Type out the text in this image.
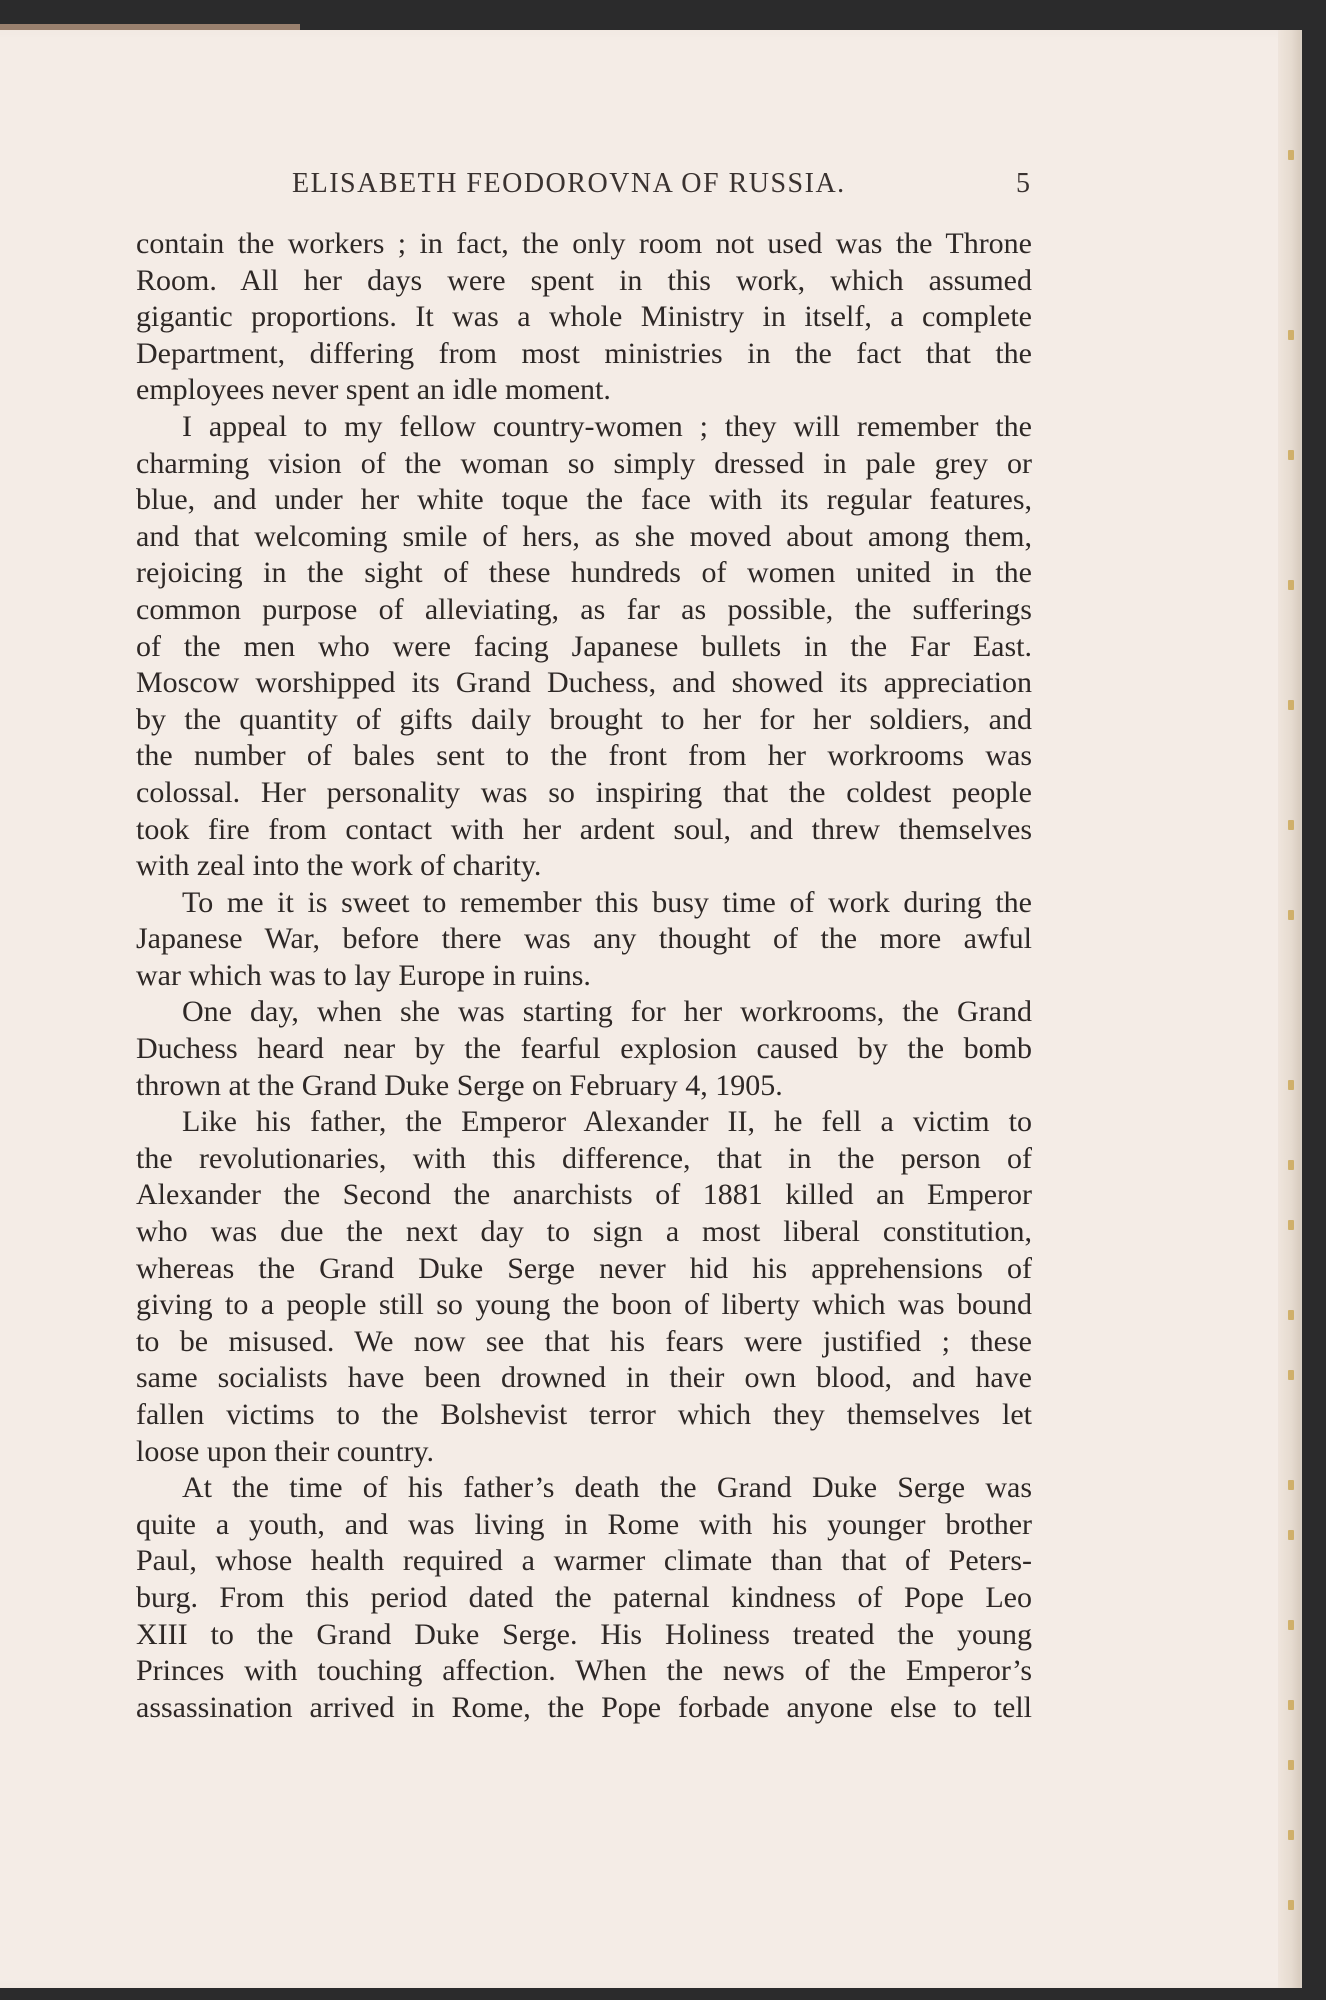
ELISABETH FEODOROVNA OF RUSSIA.	5
contain the workers ; in fact, the only room not used was the Throne
Room. All her days were spent in this work, which assumed
gigantic proportions. It was a whole Ministry in itself, a complete
Department, differing from most ministries in the fact that the
employees never spent an idle moment.
I appeal to my fellow country-women ; they will remember the
charming vision of the woman so simply dressed in pale grey or
blue, and under her white toque the face with its regular features,
and that welcoming smile of hers, as she moved about among them,
rejoicing in the sight of these hundreds of women united in the
common purpose of alleviating, as far as possible, the sufferings
of the men who were facing Japanese bullets in the Far East.
Moscow worshipped its Grand Duchess, and showed its appreciation
by the quantity of gifts daily brought to her for her soldiers, and
the number of bales sent to the front from her workrooms was
colossal. Her personality was so inspiring that the coldest people
took fire from contact with her ardent soul, and threw themselves
with zeal into the work of charity.
To me it is sweet to remember this busy time of work during the
Japanese War, before there was any thought of the more awful
war which was to lay Europe in ruins.
One day, when she was starting for her workrooms, the Grand
Duchess heard near by the fearful explosion caused by the bomb
thrown at the Grand Duke Serge on February 4, 1905.
Like his father, the Emperor Alexander II, he fell a victim to
the revolutionaries, with this difference, that in the person of
Alexander the Second the anarchists of 1881 killed an Emperor
who was due the next day to sign a most liberal constitution,
whereas the Grand Duke Serge never hid his apprehensions of
giving to a people still so young the boon of liberty which was bound
to be misused. We now see that his fears were justified ; these
same socialists have been drowned in their own blood, and have
fallen victims to the Bolshevist terror which they themselves let
loose upon their country.
At the time of his father’s death the Grand Duke Serge was
quite a youth, and was living in Rome with his younger brother
Paul, whose health required a warmer climate than that of Peters-
burg. From this period dated the paternal kindness of Pope Leo
XIII to the Grand Duke Serge. His Holiness treated the young
Princes with touching affection. When the news of the Emperor’s
assassination arrived in Rome, the Pope forbade anyone else to tell
